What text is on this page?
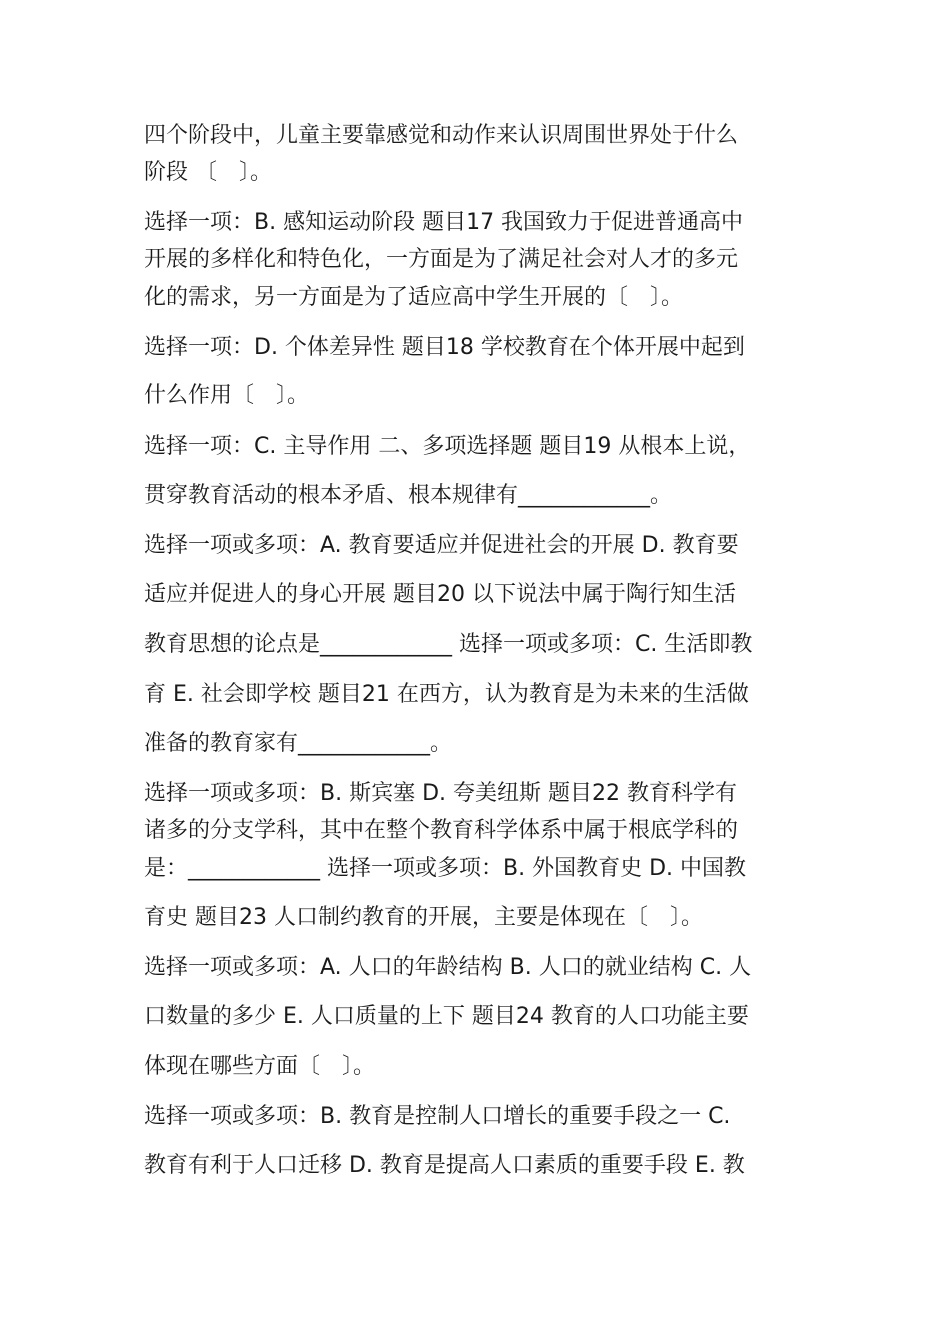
四个阶段中，儿童主要靠感觉和动作来认识周围世界处于什么
阶段 〔　〕。
选择一项：B. 感知运动阶段 题目17 我国致力于促进普通高中
开展的多样化和特色化，一方面是为了满足社会对人才的多元
化的需求，另一方面是为了适应高中学生开展的〔　〕。
选择一项：D. 个体差异性 题目18 学校教育在个体开展中起到
什么作用〔　〕。
选择一项：C. 主导作用 二、多项选择题 题目19 从根本上说，
贯穿教育活动的根本矛盾、根本规律有____________。
选择一项或多项：A. 教育要适应并促进社会的开展 D. 教育要
适应并促进人的身心开展 题目20 以下说法中属于陶行知生活
教育思想的论点是____________ 选择一项或多项：C. 生活即教
育 E. 社会即学校 题目21 在西方，认为教育是为未来的生活做
准备的教育家有____________。
选择一项或多项：B. 斯宾塞 D. 夸美纽斯 题目22 教育科学有
诸多的分支学科，其中在整个教育科学体系中属于根底学科的
是：____________ 选择一项或多项：B. 外国教育史 D. 中国教
育史 题目23 人口制约教育的开展，主要是体现在〔　〕。
选择一项或多项：A. 人口的年龄结构 B. 人口的就业结构 C. 人
口数量的多少 E. 人口质量的上下 题目24 教育的人口功能主要
体现在哪些方面〔　〕。
选择一项或多项：B. 教育是控制人口增长的重要手段之一 C.
教育有利于人口迁移 D. 教育是提高人口素质的重要手段 E. 教
